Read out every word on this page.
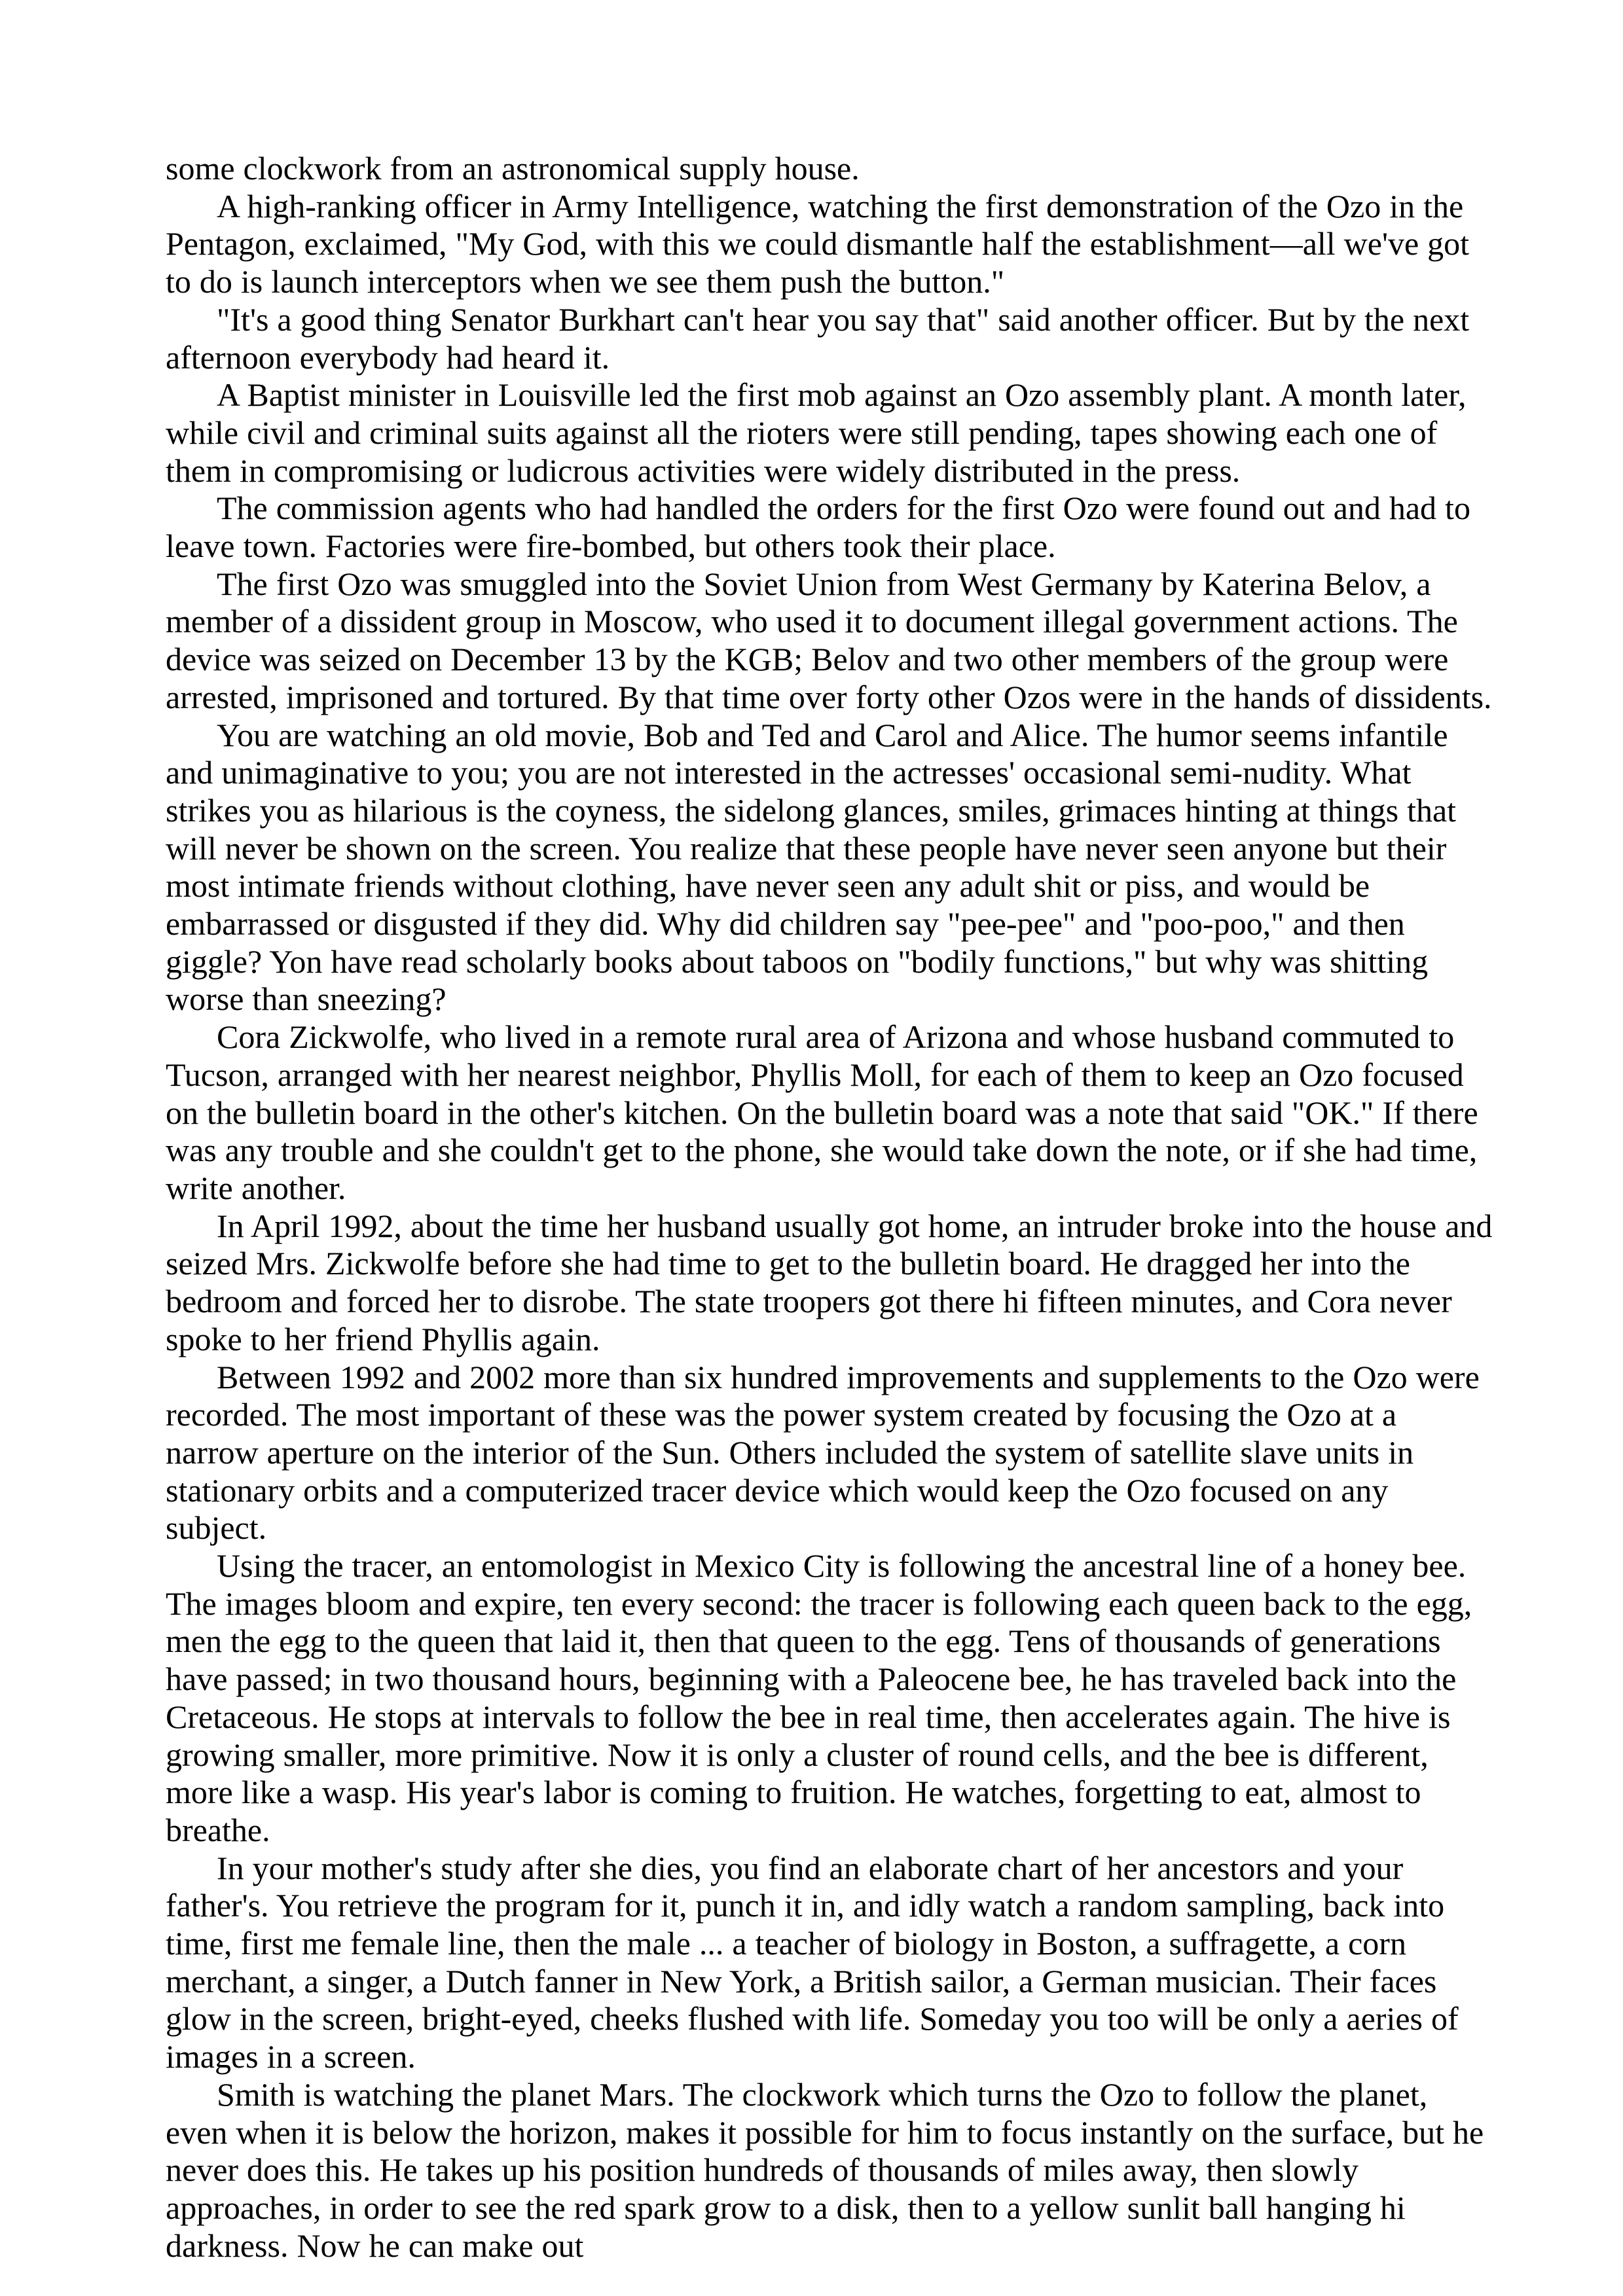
some clockwork from an astronomical supply house.

A high-ranking officer in Army Intelligence, watching the first demonstration of the Ozo in the Pentagon, exclaimed, "My God, with this we could dismantle half the establishment—all we've got to do is launch interceptors when we see them push the button."

"It's a good thing Senator Burkhart can't hear you say that" said another officer. But by the next afternoon everybody had heard it.

A Baptist minister in Louisville led the first mob against an Ozo assembly plant. A month later, while civil and criminal suits against all the rioters were still pending, tapes showing each one of them in compromising or ludicrous activities were widely distributed in the press.

The commission agents who had handled the orders for the first Ozo were found out and had to leave town. Factories were fire-bombed, but others took their place.

The first Ozo was smuggled into the Soviet Union from West Germany by Katerina Belov, a member of a dissident group in Moscow, who used it to document illegal government actions. The device was seized on December 13 by the KGB; Belov and two other members of the group were arrested, imprisoned and tortured. By that time over forty other Ozos were in the hands of dissidents.

You are watching an old movie, Bob and Ted and Carol and Alice. The humor seems infantile and unimaginative to you; you are not interested in the actresses' occasional semi-nudity. What strikes you as hilarious is the coyness, the sidelong glances, smiles, grimaces hinting at things that will never be shown on the screen. You realize that these people have never seen anyone but their most intimate friends without clothing, have never seen any adult shit or piss, and would be embarrassed or disgusted if they did. Why did children say "pee-pee" and "poo-poo," and then giggle? Yon have read scholarly books about taboos on "bodily functions," but why was shitting worse than sneezing?

Cora Zickwolfe, who lived in a remote rural area of Arizona and whose husband commuted to Tucson, arranged with her nearest neighbor, Phyllis Moll, for each of them to keep an Ozo focused on the bulletin board in the other's kitchen. On the bulletin board was a note that said "OK." If there was any trouble and she couldn't get to the phone, she would take down the note, or if she had time, write another.

In April 1992, about the time her husband usually got home, an intruder broke into the house and seized Mrs. Zickwolfe before she had time to get to the bulletin board. He dragged her into the bedroom and forced her to disrobe. The state troopers got there hi fifteen minutes, and Cora never spoke to her friend Phyllis again.

Between 1992 and 2002 more than six hundred improvements and supplements to the Ozo were recorded. The most important of these was the power system created by focusing the Ozo at a narrow aperture on the interior of the Sun. Others included the system of satellite slave units in stationary orbits and a computerized tracer device which would keep the Ozo focused on any subject.

Using the tracer, an entomologist in Mexico City is following the ancestral line of a honey bee. The images bloom and expire, ten every second: the tracer is following each queen back to the egg, men the egg to the queen that laid it, then that queen to the egg. Tens of thousands of generations have passed; in two thousand hours, beginning with a Paleocene bee, he has traveled back into the Cretaceous. He stops at intervals to follow the bee in real time, then accelerates again. The hive is growing smaller, more primitive. Now it is only a cluster of round cells, and the bee is different, more like a wasp. His year's labor is coming to fruition. He watches, forgetting to eat, almost to breathe.

In your mother's study after she dies, you find an elaborate chart of her ancestors and your father's. You retrieve the program for it, punch it in, and idly watch a random sampling, back into time, first me female line, then the male ... a teacher of biology in Boston, a suffragette, a corn merchant, a singer, a Dutch fanner in New York, a British sailor, a German musician. Their faces glow in the screen, bright-eyed, cheeks flushed with life. Someday you too will be only a aeries of images in a screen.

Smith is watching the planet Mars. The clockwork which turns the Ozo to follow the planet, even when it is below the horizon, makes it possible for him to focus instantly on the surface, but he never does this. He takes up his position hundreds of thousands of miles away, then slowly approaches, in order to see the red spark grow to a disk, then to a yellow sunlit ball hanging hi darkness. Now he can make out
